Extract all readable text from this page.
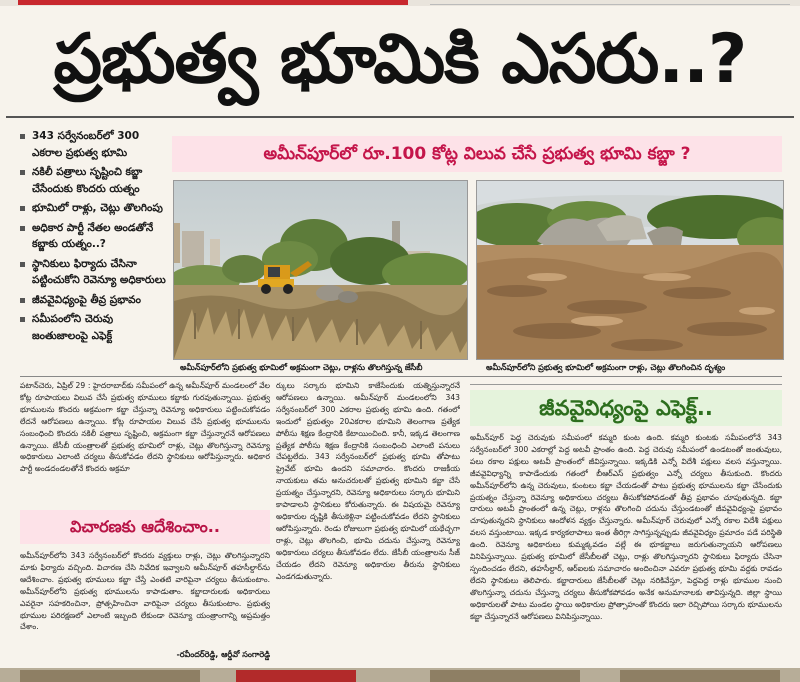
ప్రభుత్వ భూమికి ఎసరు..?
343 సర్వేనంబర్‌లో 300 ఎకరాల ప్రభుత్వ భూమి
నకిలీ పత్రాలు సృష్టించి కబ్జా చేసేందుకు కొందరు యత్నం
భూమిలో రాళ్లు, చెట్లు తొలగింపు
అధికార పార్టీ నేతల అండతోనే కబ్జాకు యత్నం..?
స్థానికులు ఫిర్యాదు చేసినా పట్టించుకోని రెవెన్యూ అధికారులు
జీవవైవిధ్యంపై తీవ్ర ప్రభావం
సమీపంలోని చెరువు జంతుజాలంపై ఎఫెక్ట్
అమీన్‌పూర్‌లో రూ.100 కోట్ల విలువ చేసే ప్రభుత్వ భూమి కబ్జా ?
అమీన్‌పూర్‌లోని ప్రభుత్వ భూమిలో అక్రమంగా చెట్లు, రాళ్లను తొలగిస్తున్న జేసీబీ	అమీన్‌పూర్‌లోని ప్రభుత్వ భూమిలో అక్రమంగా రాళ్లు, చెట్లు తొలగించిన దృశ్యం
పటాన్‌చెరు, ఏప్రిల్ 29 : హైదరాబాద్‌కు సమీపంలో ఉన్న అమీన్‌పూర్ మండలంలో వేల కోట్ల రూపాయలు విలువ చేసే ప్రభుత్వ భూములు కబ్జాకు గురవుతున్నాయి. ప్రభుత్వ భూములను కొందరు అక్రమంగా కబ్జా చేస్తున్నా రెవెన్యూ అధికారులు పట్టించుకోవడం లేదనే ఆరోపణలు ఉన్నాయి. కోట్ల రూపాయల విలువ చేసే ప్రభుత్వ భూములను సంబంధించి కొందరు నకిలీ పత్రాలు సృష్టించి, అక్రమంగా కబ్జా చేస్తున్నారనే ఆరోపణలు ఉన్నాయి. జేసీబీ యంత్రాలతో ప్రభుత్వ భూమిలో రాళ్లు, చెట్లు తొలగిస్తున్నా రెవెన్యూ అధికారులు ఎలాంటి చర్యలు తీసుకోవడం లేదని స్థానికులు ఆరోపిస్తున్నారు. అధికార పార్టీ అండదండలతోనే కొందరు అక్రమా
ర్కులు సర్కారు భూమిని కాజేసేందుకు యత్నిస్తున్నారనే ఆరోపణలు ఉన్నాయి. అమీన్‌పూర్ మండలంలోని 343 సర్వేనంబర్‌లో 300 ఎకరాల ప్రభుత్వ భూమి ఉంది. గతంలో ఇందులో ప్రభుత్వం 20ఎకరాల భూమిని తెలంగాణ ప్రత్యేక పోలీసు శిక్షణ కేంద్రానికి కేటాయించింది. కానీ, ఇక్కడ తెలంగాణ ప్రత్యేక పోలీసు శిక్షణ కేంద్రానికి సంబంధించి ఎలాంటి పనులు చేపట్టలేదు. 343 సర్వేనంబర్‌లో ప్రభుత్వ భూమి తోపాటు ప్రైవేట్ భూమి ఉందని సమాచారం. కొందరు రాజకీయ నాయకులు తమ అనుచరులతో ప్రభుత్వ భూమిని కబ్జా చేసే ప్రయత్నం చేస్తున్నారని, రెవెన్యూ అధికారులు సర్కారు భూమిని కాపాడాలని స్థానికులు కోరుతున్నారు. ఈ విషయమై రెవెన్యూ అధికారుల దృష్టికి తీసుకెళ్లినా పట్టించుకోవడం లేదని స్థానికులు ఆరోపిస్తున్నారు. రెండు రోజులుగా ప్రభుత్వ భూమిలో యథేచ్ఛగా రాళ్లు, చెట్లు తొలగించి, భూమి చదును చేస్తున్నా రెవెన్యూ అధికారులు చర్యలు తీసుకోవడం లేదు. జేసీబీ యంత్రాలను సీజ్ చేయడం లేదని రెవెన్యూ అధికారుల తీరును స్థానికులు ఎండగడుతున్నారు.
విచారణకు ఆదేశించాం..
అమీన్‌పూర్‌లోని 343 సర్వేనంబర్‌లో కొందరు వ్యక్తులు రాళ్లు, చెట్లు తొలగిస్తున్నారని మాకు ఫిర్యాదు వచ్చింది. విచారణ చేసి నివేదిక ఇవ్వాలని అమీన్‌పూర్ తహసీల్దార్‌ను ఆదేశించాం. ప్రభుత్వ భూములు కబ్జా చేస్తే ఎంతటి వారిపైనా చర్యలు తీసుకుంటాం. అమీన్‌పూర్‌లోని ప్రభుత్వ భూములను కాపాడుతాం. కబ్జాదారులకు అధికారులు ఎవరైనా సహకరించినా, ప్రోత్సహించినా వారిపైనా చర్యలు తీసుకుంటాం. ప్రభుత్వ భూముల పరిరక్షణలో ఎలాంటి ఇబ్బంది లేకుండా రెవెన్యూ యంత్రాంగాన్ని అప్రమత్తం చేశాం.
-రవీందర్‌రెడ్డి, ఆర్డీవో సంగారెడ్డి
జీవవైవిధ్యంపై ఎఫెక్ట్..
అమీన్‌పూర్ పెద్ద చెరువుకు సమీపంలో కమ్మరి కుంట ఉంది. కమ్మరి కుంటకు సమీపంలోనే 343 సర్వేనంబర్‌లో 300 ఎకరాల్లో పెద్ద అటవీ ప్రాంతం ఉంది. పెద్ద చెరువు సమీపంలో ఉండటంతో జంతువులు, పలు రకాల పక్షులు అటవీ ప్రాంతంలో జీవిస్తున్నాయి. ఇక్కడికి ఎన్నో విదేశీ పక్షులు వలస వస్తున్నాయి. జీవవైవిధ్యాన్ని కాపాడేందుకు గతంలో బీఆర్‌ఎస్ ప్రభుత్వం ఎన్నో చర్యలు తీసుకుంది. కొందరు అమీన్‌పూర్‌లోని ఉన్న చెరువులు, కుంటలు కబ్జా చేయడంతో పాటు ప్రభుత్వ భూములను కబ్జా చేసేందుకు ప్రయత్నం చేస్తున్నా రెవెన్యూ అధికారులు చర్యలు తీసుకోకపోవడంతో తీవ్ర ప్రభావం చూపుతున్నది. కబ్జా దారులు అటవీ ప్రాంతంలో ఉన్న చెట్లు, రాళ్లను తొలగించి చదును చేస్తుండటంతో జీవవైవిధ్యంపై ప్రభావం చూపుతున్నదని స్థానికులు ఆందోళన వ్యక్తం చేస్తున్నారు. అమీన్‌పూర్ చెరువులో ఎన్నో రకాల విదేశీ పక్షులు వలస వస్తుంటాయి. ఇక్కడ కార్యకలాపాలు ఇంత తీరిగ్గా సాగిస్తున్నప్పుడు జీవవైవిధ్యం ప్రమాదం పడే పరిస్థితి ఉంది. రెవెన్యూ అధికారులు కుమ్మక్కవడం వల్లే ఈ భూకబ్జాలు జరుగుతున్నాయని ఆరోపణలు వినిపిస్తున్నాయి. ప్రభుత్వ భూమిలో జేసీబీలతో చెట్లు, రాళ్లు తొలగిస్తున్నారని స్థానికులు ఫిర్యాదు చేసినా స్పందించడం లేదని, తహసీల్దార్, ఆర్‌ఐలకు సమాచారం అందించినా ఎవరూ ప్రభుత్వ భూమి వద్దకు రావడం లేదని స్థానికులు తెలిపారు. కబ్జాదారులు జేసీబీలతో చెట్లు నరికివేస్తూ, పెద్దపెద్ద రాళ్లు భూముల నుంచి తొలగిస్తున్నా చదును చేస్తున్నా చర్యలు తీసుకోకపోవడం అనేక అనుమానాలకు తావిస్తున్నది. జిల్లా స్థాయి అధికారులతో పాటు మండల స్థాయి అధికారుల ప్రోత్సాహంతో కొందరు ఇలా రెచ్చిపోయి సర్కారు భూములను కబ్జా చేస్తున్నారనే ఆరోపణలు వినిపిస్తున్నాయి.
